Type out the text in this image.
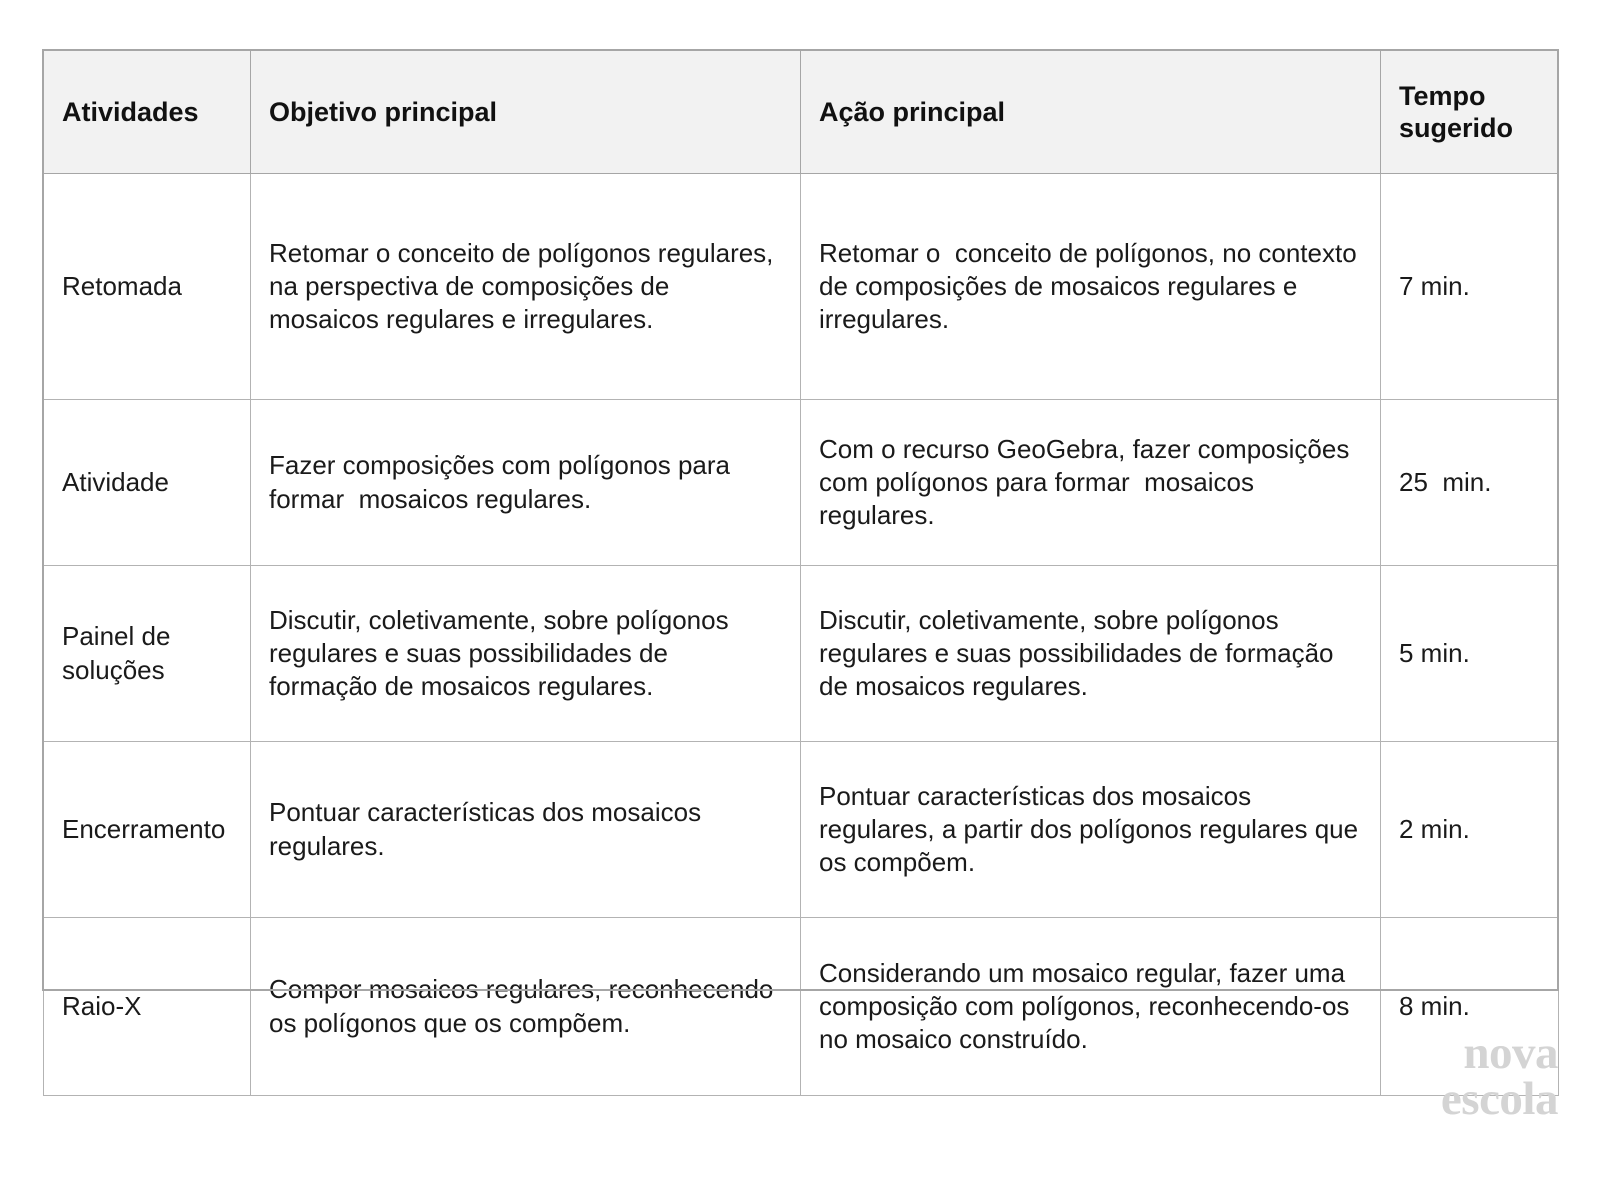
Atividades	Objetivo principal	Ação principal	Tempo
sugerido

Retomada	Retomar o conceito de polígonos regulares, na perspectiva de composições de mosaicos regulares e irregulares.	Retomar o  conceito de polígonos, no contexto de composições de mosaicos regulares e irregulares.	7 min.
Atividade	Fazer composições com polígonos para formar  mosaicos regulares.	Com o recurso GeoGebra, fazer composições com polígonos para formar  mosaicos regulares.	25  min.
Painel de soluções	Discutir, coletivamente, sobre polígonos regulares e suas possibilidades de formação de mosaicos regulares.	Discutir, coletivamente, sobre polígonos regulares e suas possibilidades de formação de mosaicos regulares.	5 min.
Encerramento	Pontuar características dos mosaicos regulares.	Pontuar características dos mosaicos regulares, a partir dos polígonos regulares que os compõem.	2 min.
Raio-X	Compor mosaicos regulares, reconhecendo os polígonos que os compõem.	Considerando um mosaico regular, fazer uma composição com polígonos, reconhecendo-os no mosaico construído.	8 min.
nova
escola
